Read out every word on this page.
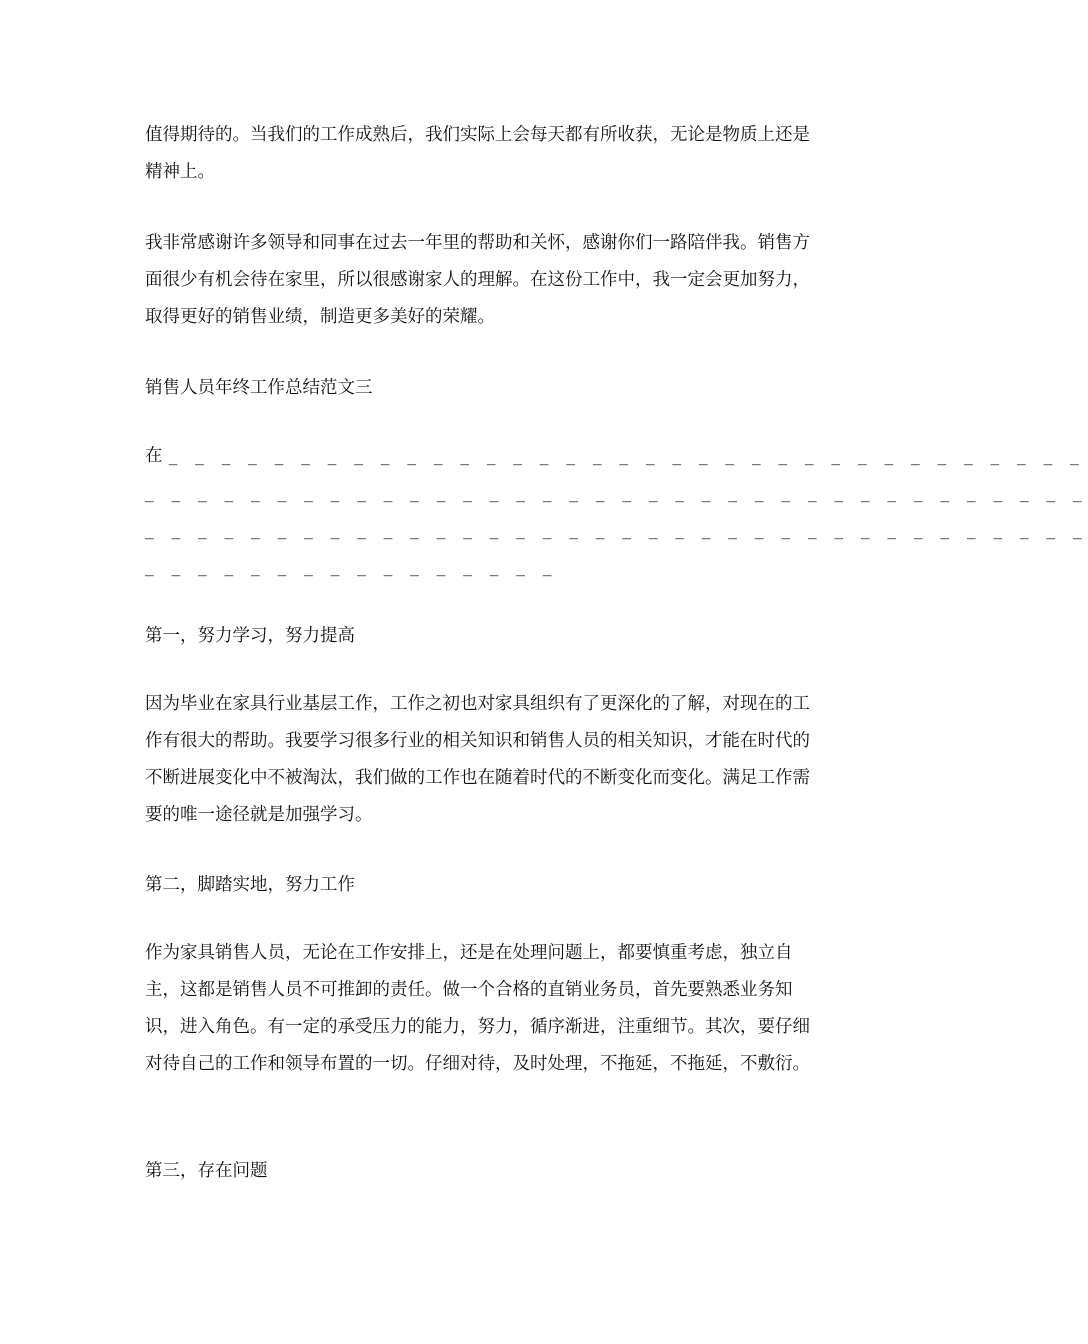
值得期待的。当我们的工作成熟后，我们实际上会每天都有所收获，无论是物质上还是精神上。

我非常感谢许多领导和同事在过去一年里的帮助和关怀，感谢你们一路陪伴我。销售方面很少有机会待在家里，所以很感谢家人的理解。在这份工作中，我一定会更加努力，取得更好的销售业绩，制造更多美好的荣耀。

销售人员年终工作总结范文三

在_ _ _ _ _ _ _ _ _ _ _ _ _ _ _ _ _ _ _ _ _ _ _ _ _ _ _ _ _ _ _ _ _ _ _
_ _ _ _ _ _ _ _ _ _ _ _ _ _ _ _ _ _ _ _ _ _ _ _ _ _ _ _ _ _ _ _ _ _ _ _
_ _ _ _ _ _ _ _ _ _ _ _ _ _ _ _ _ _ _ _ _ _ _ _ _ _ _ _ _ _ _ _ _ _ _ _
_ _ _ _ _ _ _ _ _ _ _ _ _ _ _ _

第一，努力学习，努力提高

因为毕业在家具行业基层工作，工作之初也对家具组织有了更深化的了解，对现在的工作有很大的帮助。我要学习很多行业的相关知识和销售人员的相关知识，才能在时代的不断进展变化中不被淘汰，我们做的工作也在随着时代的不断变化而变化。满足工作需要的唯一途径就是加强学习。

第二，脚踏实地，努力工作

作为家具销售人员，无论在工作安排上，还是在处理问题上，都要慎重考虑，独立自主，这都是销售人员不可推卸的责任。做一个合格的直销业务员，首先要熟悉业务知识，进入角色。有一定的承受压力的能力，努力，循序渐进，注重细节。其次，要仔细对待自己的工作和领导布置的一切。仔细对待，及时处理，不拖延，不拖延，不敷衍。

第三，存在问题
